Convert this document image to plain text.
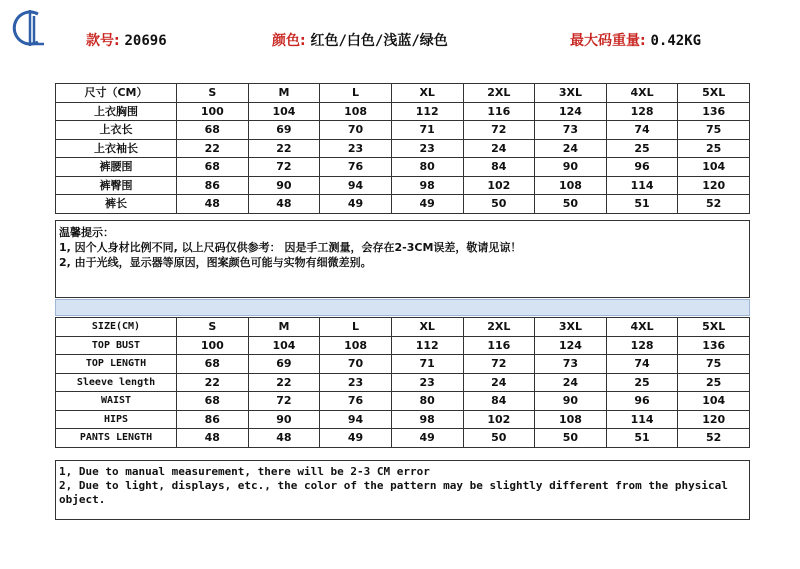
款号: 20696	颜色: 红色/白色/浅蓝/绿色	最大码重量: 0.42KG
尺寸（CM）	S	M	L	XL	2XL	3XL	4XL	5XL
上衣胸围	100	104	108	112	116	124	128	136
上衣长	68	69	70	71	72	73	74	75
上衣袖长	22	22	23	23	24	24	25	25
裤腰围	68	72	76	80	84	90	96	104
裤臀围	86	90	94	98	102	108	114	120
裤长	48	48	49	49	50	50	51	52
温馨提示：
1, 因个人身材比例不同, 以上尺码仅供参考： 因是手工测量，会存在2-3CM误差，敬请见谅！
2, 由于光线，显示器等原因，图案颜色可能与实物有细微差别。
SIZE(CM)	S	M	L	XL	2XL	3XL	4XL	5XL
TOP BUST	100	104	108	112	116	124	128	136
TOP LENGTH	68	69	70	71	72	73	74	75
Sleeve length	22	22	23	23	24	24	25	25
WAIST	68	72	76	80	84	90	96	104
HIPS	86	90	94	98	102	108	114	120
PANTS LENGTH	48	48	49	49	50	50	51	52
1, Due to manual measurement, there will be 2-3 CM error
2, Due to light, displays, etc., the color of the pattern may be slightly different from the physical object.
